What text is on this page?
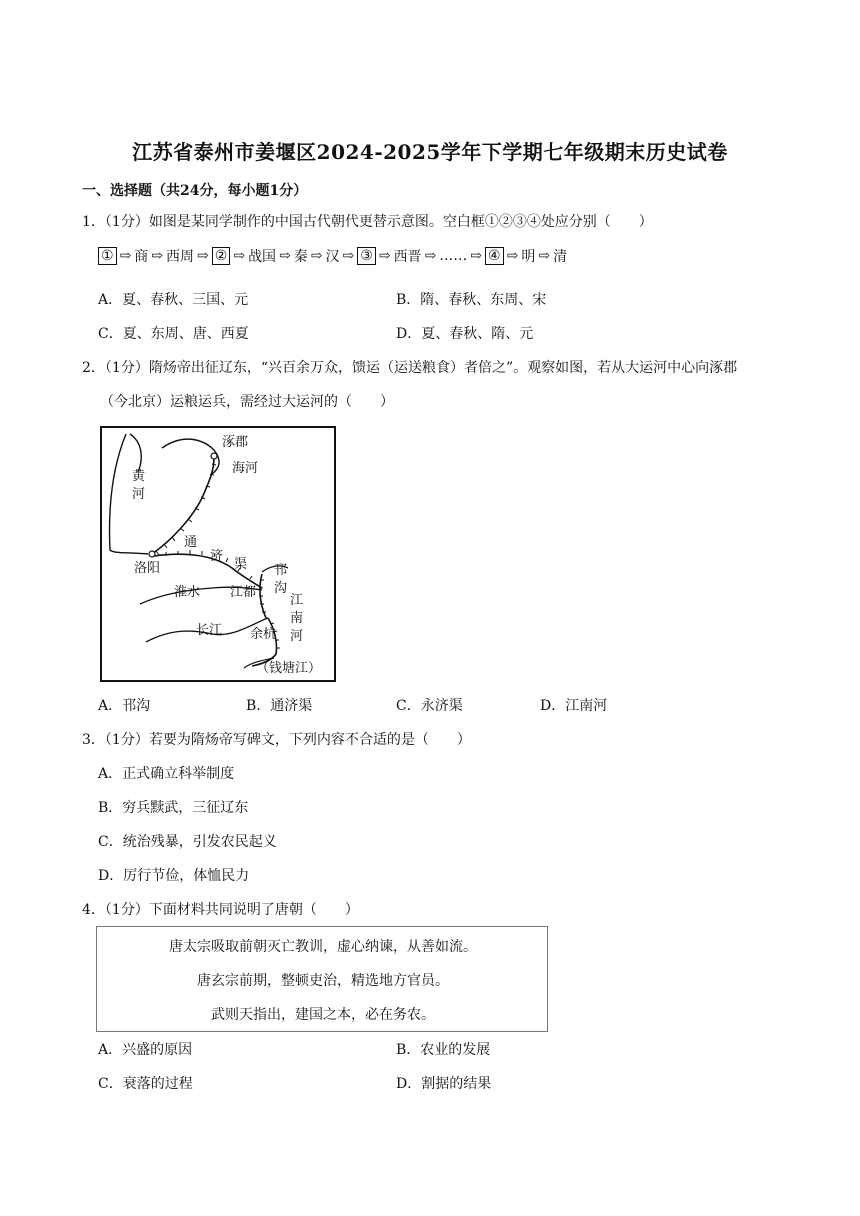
江苏省泰州市姜堰区2024-2025学年下学期七年级期末历史试卷
一、选择题（共24分，每小题1分）
1．（1分）如图是某同学制作的中国古代朝代更替示意图。空白框①②③④处应分别（　　）
① ⇨ 商 ⇨ 西周 ⇨ ② ⇨ 战国 ⇨ 秦 ⇨ 汉 ⇨ ③ ⇨ 西晋 ⇨ …… ⇨ ④ ⇨ 明 ⇨ 清
A．夏、春秋、三国、元	B．隋、春秋、东周、宋
C．夏、东周、唐、西夏	D．夏、春秋、隋、元
2．（1分）隋炀帝出征辽东，“兴百余万众，馈运（运送粮食）者倍之”。观察如图，若从大运河中心向涿郡
（今北京）运粮运兵，需经过大运河的（　　）
涿郡
海河
黄
河
通
济
渠
洛阳
淮水 江都
邗
沟
江
南
河
长江 余杭
（钱塘江）
A．邗沟	B．通济渠	C．永济渠	D．江南河
3．（1分）若要为隋炀帝写碑文，下列内容不合适的是（　　）
A．正式确立科举制度
B．穷兵黩武，三征辽东
C．统治残暴，引发农民起义
D．厉行节俭，体恤民力
4．（1分）下面材料共同说明了唐朝（　　）
唐太宗吸取前朝灭亡教训，虚心纳谏，从善如流。
唐玄宗前期，整顿吏治，精选地方官员。
武则天指出，建国之本，必在务农。
A．兴盛的原因	B．农业的发展
C．衰落的过程	D．割据的结果
